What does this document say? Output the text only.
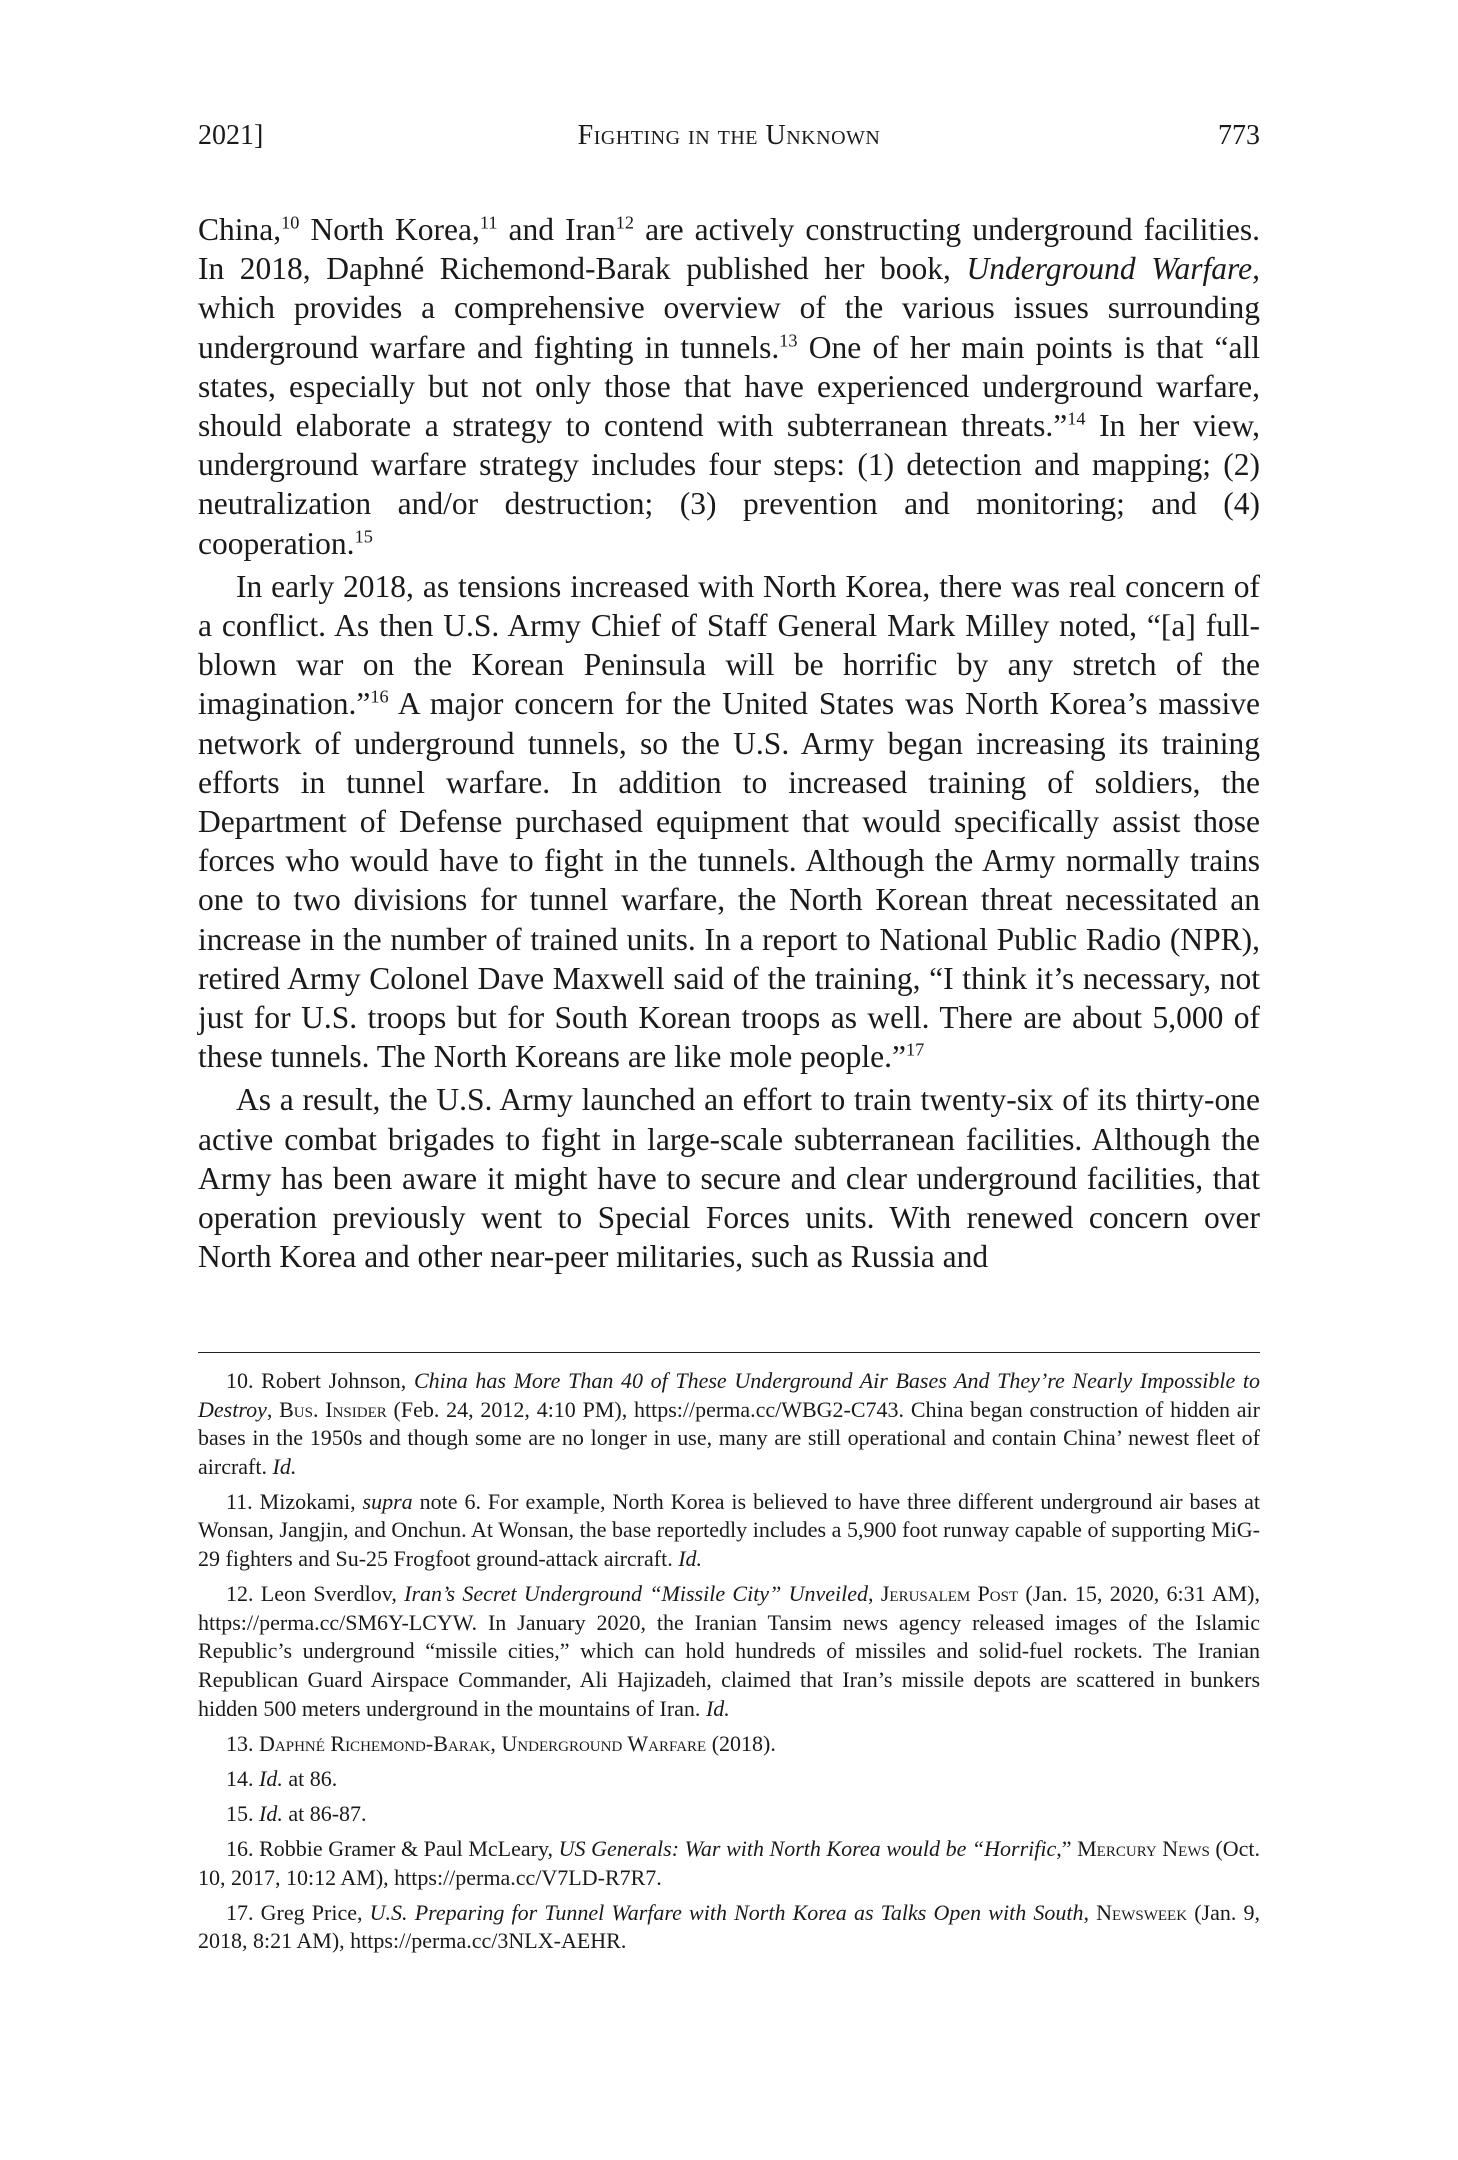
2021]	Fighting in the Unknown	773

China,$^{10}$ North Korea,$^{11}$ and Iran$^{12}$ are actively constructing underground facilities. In 2018, Daphné Richemond-Barak published her book, Underground Warfare, which provides a comprehensive overview of the various issues surrounding underground warfare and fighting in tunnels.$^{13}$ One of her main points is that “all states, especially but not only those that have experienced underground warfare, should elaborate a strategy to contend with subterranean threats.”$^{14}$ In her view, underground warfare strategy includes four steps: (1) detection and mapping; (2) neutralization and/or destruction; (3) prevention and monitoring; and (4) cooperation.$^{15}$

In early 2018, as tensions increased with North Korea, there was real concern of a conflict. As then U.S. Army Chief of Staff General Mark Milley noted, “[a] full-blown war on the Korean Peninsula will be horrific by any stretch of the imagination.”$^{16}$ A major concern for the United States was North Korea’s massive network of underground tunnels, so the U.S. Army began increasing its training efforts in tunnel warfare. In addition to increased training of soldiers, the Department of Defense purchased equipment that would specifically assist those forces who would have to fight in the tunnels. Although the Army normally trains one to two divisions for tunnel warfare, the North Korean threat necessitated an increase in the number of trained units. In a report to National Public Radio (NPR), retired Army Colonel Dave Maxwell said of the training, “I think it’s necessary, not just for U.S. troops but for South Korean troops as well. There are about 5,000 of these tunnels. The North Koreans are like mole people.”$^{17}$

As a result, the U.S. Army launched an effort to train twenty-six of its thirty-one active combat brigades to fight in large-scale subterranean facilities. Although the Army has been aware it might have to secure and clear underground facilities, that operation previously went to Special Forces units. With renewed concern over North Korea and other near-peer militaries, such as Russia and

10. Robert Johnson, China has More Than 40 of These Underground Air Bases And They’re Nearly Impossible to Destroy, Bus. Insider (Feb. 24, 2012, 4:10 PM), https://perma.cc/WBG2-C743. China began construction of hidden air bases in the 1950s and though some are no longer in use, many are still operational and contain China’ newest fleet of aircraft. Id.

11. Mizokami, supra note 6. For example, North Korea is believed to have three different underground air bases at Wonsan, Jangjin, and Onchun. At Wonsan, the base reportedly includes a 5,900 foot runway capable of supporting MiG-29 fighters and Su-25 Frogfoot ground-attack aircraft. Id.

12. Leon Sverdlov, Iran’s Secret Underground “Missile City” Unveiled, Jerusalem Post (Jan. 15, 2020, 6:31 AM), https://perma.cc/SM6Y-LCYW. In January 2020, the Iranian Tansim news agency released images of the Islamic Republic’s underground “missile cities,” which can hold hundreds of missiles and solid-fuel rockets. The Iranian Republican Guard Airspace Commander, Ali Hajizadeh, claimed that Iran’s missile depots are scattered in bunkers hidden 500 meters underground in the mountains of Iran. Id.

13. Daphné Richemond-Barak, Underground Warfare (2018).

14. Id. at 86.

15. Id. at 86-87.

16. Robbie Gramer & Paul McLeary, US Generals: War with North Korea would be “Horrific,” Mercury News (Oct. 10, 2017, 10:12 AM), https://perma.cc/V7LD-R7R7.

17. Greg Price, U.S. Preparing for Tunnel Warfare with North Korea as Talks Open with South, Newsweek (Jan. 9, 2018, 8:21 AM), https://perma.cc/3NLX-AEHR.
